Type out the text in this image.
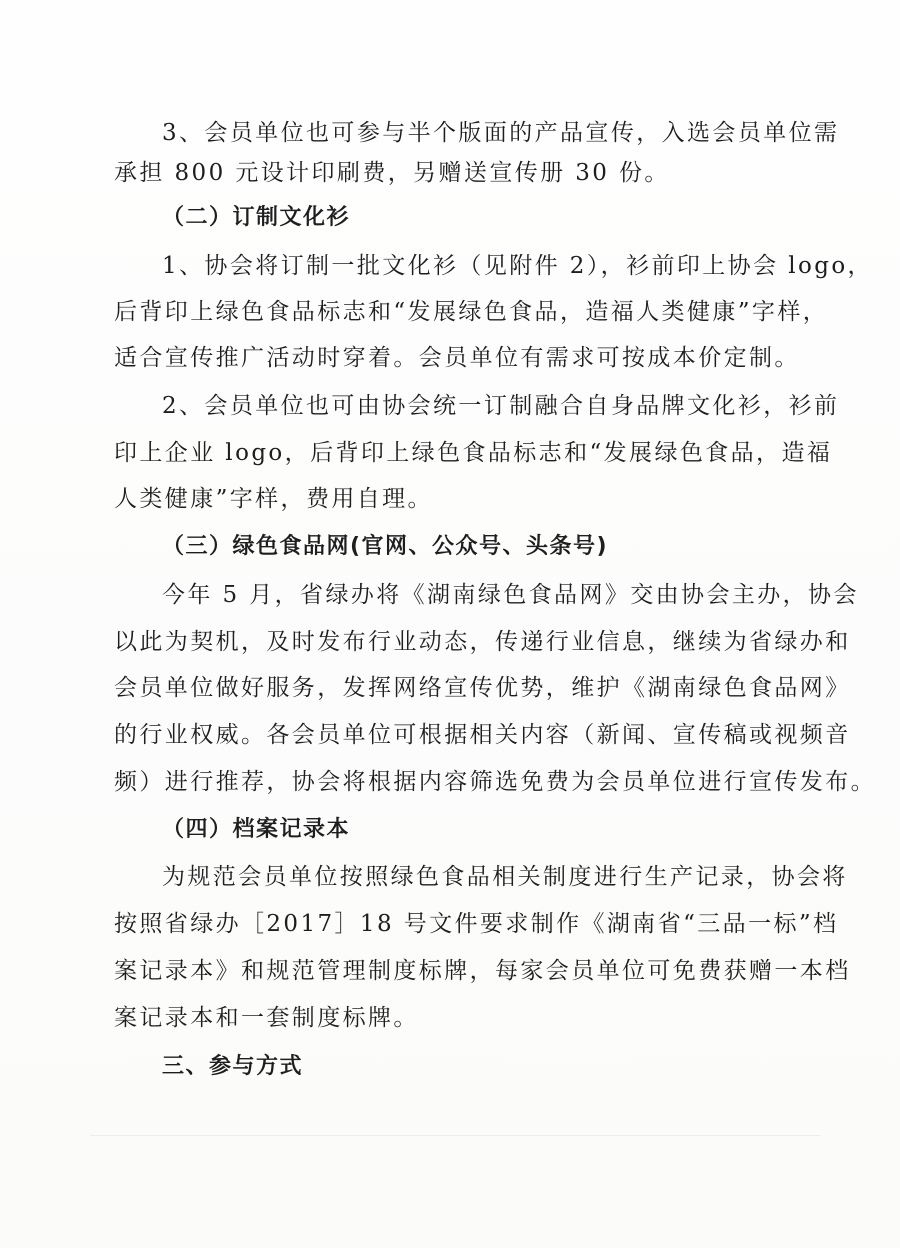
3、会员单位也可参与半个版面的产品宣传，入选会员单位需
承担 800 元设计印刷费，另赠送宣传册 30 份。
（二）订制文化衫
1、协会将订制一批文化衫（见附件 2），衫前印上协会 logo，
后背印上绿色食品标志和“发展绿色食品，造福人类健康”字样，
适合宣传推广活动时穿着。会员单位有需求可按成本价定制。
2、会员单位也可由协会统一订制融合自身品牌文化衫，衫前
印上企业 logo，后背印上绿色食品标志和“发展绿色食品，造福
人类健康”字样，费用自理。
（三）绿色食品网(官网、公众号、头条号)
今年 5 月，省绿办将《湖南绿色食品网》交由协会主办，协会
以此为契机，及时发布行业动态，传递行业信息，继续为省绿办和
会员单位做好服务，发挥网络宣传优势，维护《湖南绿色食品网》
的行业权威。各会员单位可根据相关内容（新闻、宣传稿或视频音
频）进行推荐，协会将根据内容筛选免费为会员单位进行宣传发布。
（四）档案记录本
为规范会员单位按照绿色食品相关制度进行生产记录，协会将
按照省绿办［2017］18 号文件要求制作《湖南省“三品一标”档
案记录本》和规范管理制度标牌，每家会员单位可免费获赠一本档
案记录本和一套制度标牌。
三、参与方式
